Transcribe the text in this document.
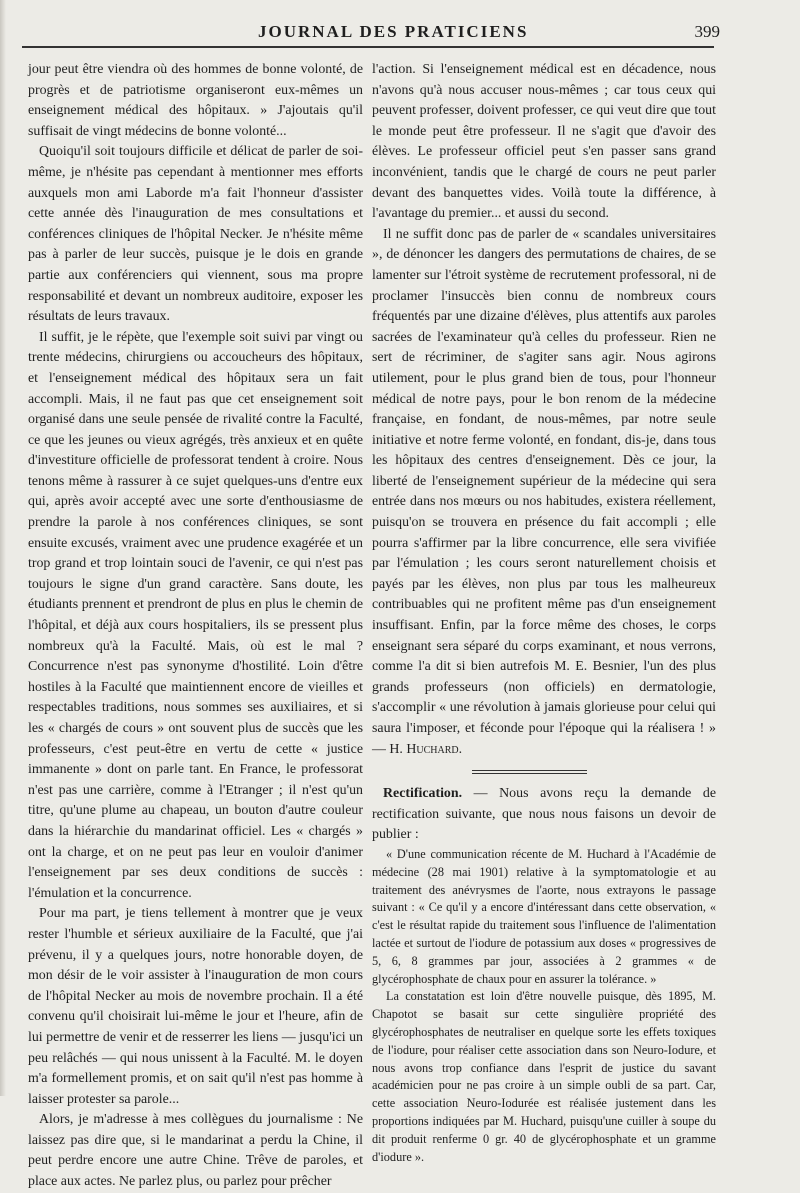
JOURNAL DES PRATICIENS	399

jour peut être viendra où des hommes de bonne volonté, de progrès et de patriotisme organiseront eux-mêmes un enseignement médical des hôpitaux. » J'ajoutais qu'il suffisait de vingt médecins de bonne volonté...

Quoiqu'il soit toujours difficile et délicat de parler de soi-même, je n'hésite pas cependant à mentionner mes efforts auxquels mon ami Laborde m'a fait l'honneur d'assister cette année dès l'inauguration de mes consultations et conférences cliniques de l'hôpital Necker. Je n'hésite même pas à parler de leur succès, puisque je le dois en grande partie aux conférenciers qui viennent, sous ma propre responsabilité et devant un nombreux auditoire, exposer les résultats de leurs travaux.

Il suffit, je le répète, que l'exemple soit suivi par vingt ou trente médecins, chirurgiens ou accoucheurs des hôpitaux, et l'enseignement médical des hôpitaux sera un fait accompli. Mais, il ne faut pas que cet enseignement soit organisé dans une seule pensée de rivalité contre la Faculté, ce que les jeunes ou vieux agrégés, très anxieux et en quête d'investiture officielle de professorat tendent à croire. Nous tenons même à rassurer à ce sujet quelques-uns d'entre eux qui, après avoir accepté avec une sorte d'enthousiasme de prendre la parole à nos conférences cliniques, se sont ensuite excusés, vraiment avec une prudence exagérée et un trop grand et trop lointain souci de l'avenir, ce qui n'est pas toujours le signe d'un grand caractère. Sans doute, les étudiants prennent et prendront de plus en plus le chemin de l'hôpital, et déjà aux cours hospitaliers, ils se pressent plus nombreux qu'à la Faculté. Mais, où est le mal ? Concurrence n'est pas synonyme d'hostilité. Loin d'être hostiles à la Faculté que maintiennent encore de vieilles et respectables traditions, nous sommes ses auxiliaires, et si les « chargés de cours » ont souvent plus de succès que les professeurs, c'est peut-être en vertu de cette « justice immanente » dont on parle tant. En France, le professorat n'est pas une carrière, comme à l'Etranger ; il n'est qu'un titre, qu'une plume au chapeau, un bouton d'autre couleur dans la hiérarchie du mandarinat officiel. Les « chargés » ont la charge, et on ne peut pas leur en vouloir d'animer l'enseignement par ses deux conditions de succès : l'émulation et la concurrence.

Pour ma part, je tiens tellement à montrer que je veux rester l'humble et sérieux auxiliaire de la Faculté, que j'ai prévenu, il y a quelques jours, notre honorable doyen, de mon désir de le voir assister à l'inauguration de mon cours de l'hôpital Necker au mois de novembre prochain. Il a été convenu qu'il choisirait lui-même le jour et l'heure, afin de lui permettre de venir et de resserrer les liens — jusqu'ici un peu relâchés — qui nous unissent à la Faculté. M. le doyen m'a formellement promis, et on sait qu'il n'est pas homme à laisser protester sa parole...

Alors, je m'adresse à mes collègues du journalisme : Ne laissez pas dire que, si le mandarinat a perdu la Chine, il peut perdre encore une autre Chine. Trêve de paroles, et place aux actes. Ne parlez plus, ou parlez pour prêcher

l'action. Si l'enseignement médical est en décadence, nous n'avons qu'à nous accuser nous-mêmes ; car tous ceux qui peuvent professer, doivent professer, ce qui veut dire que tout le monde peut être professeur. Il ne s'agit que d'avoir des élèves. Le professeur officiel peut s'en passer sans grand inconvénient, tandis que le chargé de cours ne peut parler devant des banquettes vides. Voilà toute la différence, à l'avantage du premier... et aussi du second.

Il ne suffit donc pas de parler de « scandales universitaires », de dénoncer les dangers des permutations de chaires, de se lamenter sur l'étroit système de recrutement professoral, ni de proclamer l'insuccès bien connu de nombreux cours fréquentés par une dizaine d'élèves, plus attentifs aux paroles sacrées de l'examinateur qu'à celles du professeur. Rien ne sert de récriminer, de s'agiter sans agir. Nous agirons utilement, pour le plus grand bien de tous, pour l'honneur médical de notre pays, pour le bon renom de la médecine française, en fondant, de nous-mêmes, par notre seule initiative et notre ferme volonté, en fondant, dis-je, dans tous les hôpitaux des centres d'enseignement. Dès ce jour, la liberté de l'enseignement supérieur de la médecine qui sera entrée dans nos mœurs ou nos habitudes, existera réellement, puisqu'on se trouvera en présence du fait accompli ; elle pourra s'affirmer par la libre concurrence, elle sera vivifiée par l'émulation ; les cours seront naturellement choisis et payés par les élèves, non plus par tous les malheureux contribuables qui ne profitent même pas d'un enseignement insuffisant. Enfin, par la force même des choses, le corps enseignant sera séparé du corps examinant, et nous verrons, comme l'a dit si bien autrefois M. E. Besnier, l'un des plus grands professeurs (non officiels) en dermatologie, s'accomplir « une révolution à jamais glorieuse pour celui qui saura l'imposer, et féconde pour l'époque qui la réalisera ! » — H. Huchard.

Rectification. — Nous avons reçu la demande de rectification suivante, que nous nous faisons un devoir de publier :

« D'une communication récente de M. Huchard à l'Académie de médecine (28 mai 1901) relative à la symptomatologie et au traitement des anévrysmes de l'aorte, nous extrayons le passage suivant : « Ce qu'il y a encore d'intéressant dans cette observation, « c'est le résultat rapide du traitement sous l'influence de l'alimentation lactée et surtout de l'iodure de potassium aux doses « progressives de 5, 6, 8 grammes par jour, associées à 2 grammes « de glycérophosphate de chaux pour en assurer la tolérance. »

La constatation est loin d'être nouvelle puisque, dès 1895, M. Chapotot se basait sur cette singulière propriété des glycérophosphates de neutraliser en quelque sorte les effets toxiques de l'iodure, pour réaliser cette association dans son Neuro-Iodure, et nous avons trop confiance dans l'esprit de justice du savant académicien pour ne pas croire à un simple oubli de sa part. Car, cette association Neuro-Iodurée est réalisée justement dans les proportions indiquées par M. Huchard, puisqu'une cuiller à soupe du dit produit renferme 0 gr. 40 de glycérophosphate et un gramme d'iodure ».
